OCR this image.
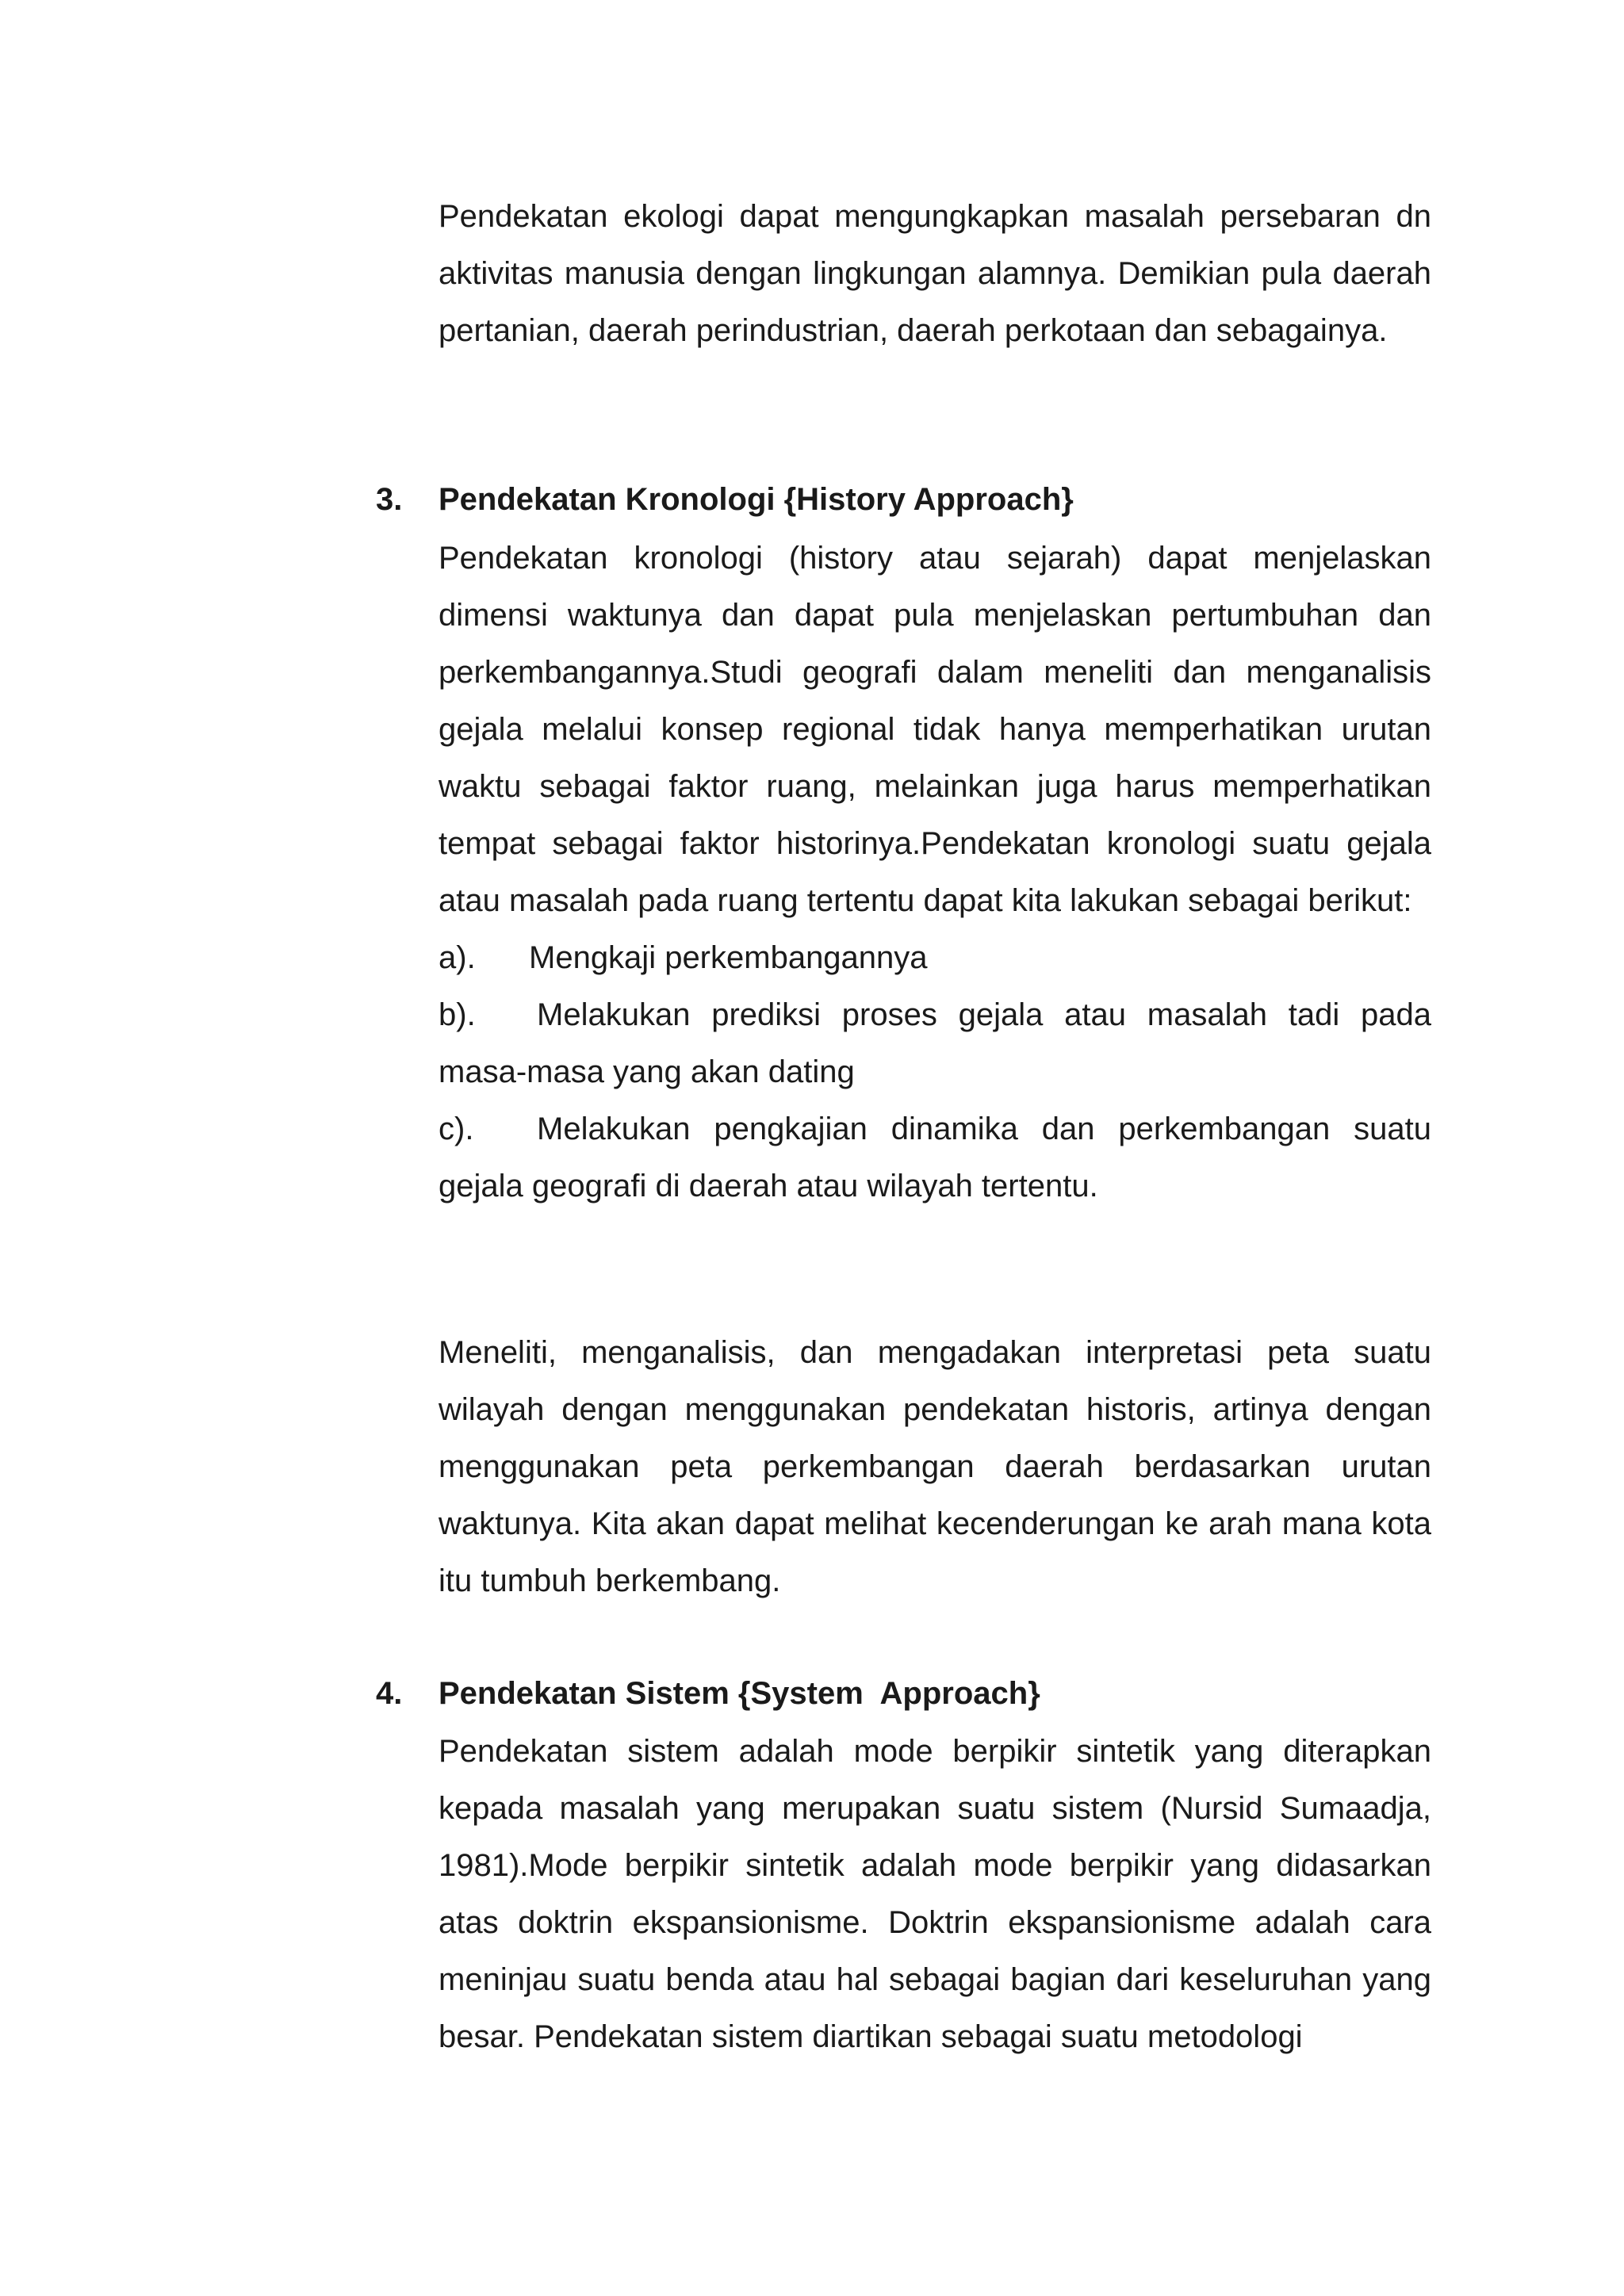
Pendekatan ekologi dapat mengungkapkan masalah persebaran dn aktivitas manusia dengan lingkungan alamnya. Demikian pula daerah pertanian, daerah perindustrian, daerah perkotaan dan sebagainya.

3. Pendekatan Kronologi {History Approach}

Pendekatan kronologi (history atau sejarah) dapat menjelaskan dimensi waktunya dan dapat pula menjelaskan pertumbuhan dan perkembangannya.Studi geografi dalam meneliti dan menganalisis gejala melalui konsep regional tidak hanya memperhatikan urutan waktu sebagai faktor ruang, melainkan juga harus memperhatikan tempat sebagai faktor historinya.Pendekatan kronologi suatu gejala atau masalah pada ruang tertentu dapat kita lakukan sebagai berikut:

a). Mengkaji perkembangannya

b). Melakukan prediksi proses gejala atau masalah tadi pada masa-masa yang akan dating

c). Melakukan pengkajian dinamika dan perkembangan suatu gejala geografi di daerah atau wilayah tertentu.

Meneliti, menganalisis, dan mengadakan interpretasi peta suatu wilayah dengan menggunakan pendekatan historis, artinya dengan menggunakan peta perkembangan daerah berdasarkan urutan waktunya. Kita akan dapat melihat kecenderungan ke arah mana kota itu tumbuh berkembang.

4. Pendekatan Sistem {System  Approach}

Pendekatan sistem adalah mode berpikir sintetik yang diterapkan kepada masalah yang merupakan suatu sistem (Nursid Sumaadja, 1981).Mode berpikir sintetik adalah mode berpikir yang didasarkan atas doktrin ekspansionisme. Doktrin ekspansionisme adalah cara meninjau suatu benda atau hal sebagai bagian dari keseluruhan yang besar. Pendekatan sistem diartikan sebagai suatu metodologi
